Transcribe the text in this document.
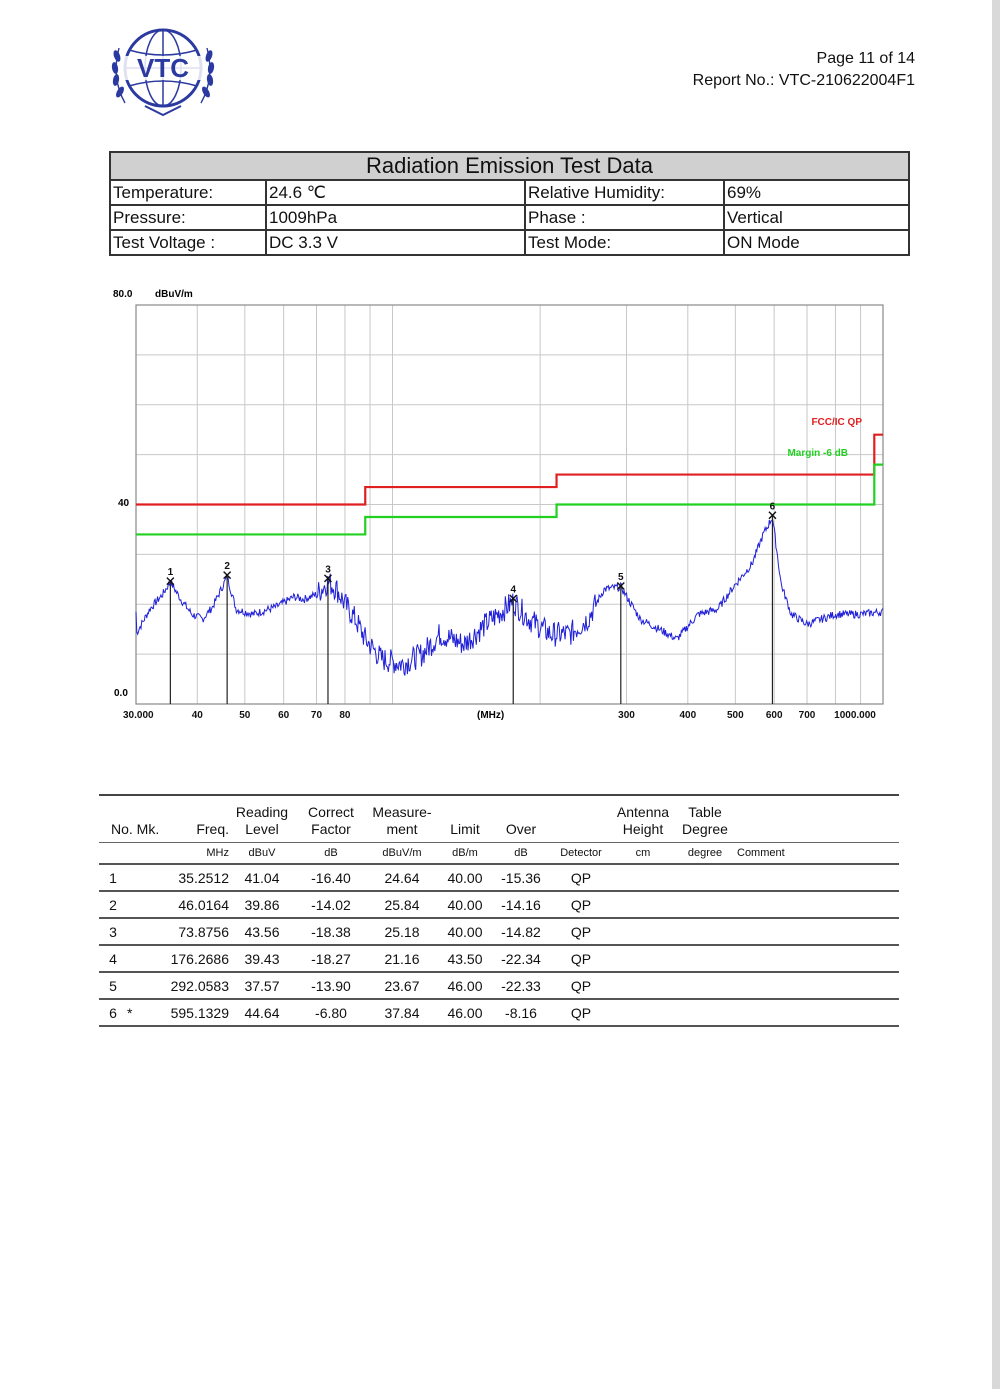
VTC	Page 11 of 14
Report No.: VTC-210622004F1
Radiation Emission Test Data			
Temperature:	24.6 ℃	Relative Humidity:	69%
Pressure:	1009hPa	Phase :	Vertical
Test Voltage :	DC 3.3 V	Test Mode:	ON Mode
80.0 dBuV/m
40
0.0
(MHz)
30.000	40	50	60 70 80	300	400	500 600 700 1000.000
1
2	3
4
5
6
FCC/IC QP
Margin -6 dB
No. Mk.		Freq.	Reading Level	Correct Factor	Measure- ment	Limit	Over		Antenna Height	Table Degree	

		MHz	dBuV	dB	dBuV/m	dB/m	dB	Detector	cm	degree	Comment
1		35.2512	41.04	-16.40	24.64	40.00	-15.36	QP			
2		46.0164	39.86	-14.02	25.84	40.00	-14.16	QP			
3		73.8756	43.56	-18.38	25.18	40.00	-14.82	QP			
4		176.2686	39.43	-18.27	21.16	43.50	-22.34	QP			
5		292.0583	37.57	-13.90	23.67	46.00	-22.33	QP			
6	*	595.1329	44.64	-6.80	37.84	46.00	-8.16	QP			
